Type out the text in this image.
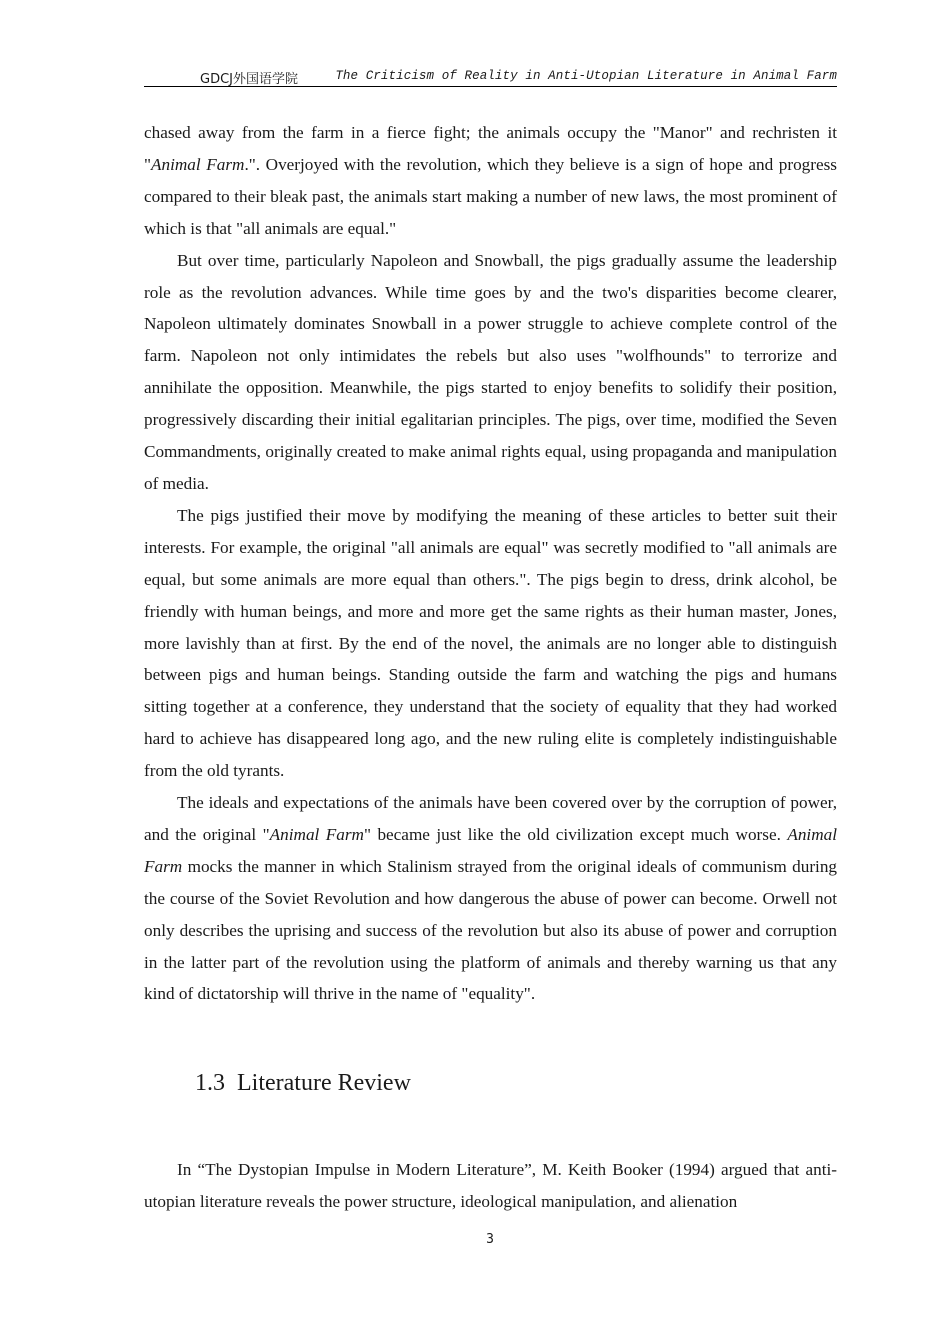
GDCJ外国语学院	The Criticism of Reality in Anti-Utopian Literature in Animal Farm

chased away from the farm in a fierce fight; the animals occupy the "Manor" and rechristen it "Animal Farm.". Overjoyed with the revolution, which they believe is a sign of hope and progress compared to their bleak past, the animals start making a number of new laws, the most prominent of which is that "all animals are equal."

But over time, particularly Napoleon and Snowball, the pigs gradually assume the leadership role as the revolution advances. While time goes by and the two's disparities become clearer, Napoleon ultimately dominates Snowball in a power struggle to achieve complete control of the farm. Napoleon not only intimidates the rebels but also uses "wolfhounds" to terrorize and annihilate the opposition. Meanwhile, the pigs started to enjoy benefits to solidify their position, progressively discarding their initial egalitarian principles. The pigs, over time, modified the Seven Commandments, originally created to make animal rights equal, using propaganda and manipulation of media.

The pigs justified their move by modifying the meaning of these articles to better suit their interests. For example, the original "all animals are equal" was secretly modified to "all animals are equal, but some animals are more equal than others.". The pigs begin to dress, drink alcohol, be friendly with human beings, and more and more get the same rights as their human master, Jones, more lavishly than at first. By the end of the novel, the animals are no longer able to distinguish between pigs and human beings. Standing outside the farm and watching the pigs and humans sitting together at a conference, they understand that the society of equality that they had worked hard to achieve has disappeared long ago, and the new ruling elite is completely indistinguishable from the old tyrants.

The ideals and expectations of the animals have been covered over by the corruption of power, and the original "Animal Farm" became just like the old civilization except much worse. Animal Farm mocks the manner in which Stalinism strayed from the original ideals of communism during the course of the Soviet Revolution and how dangerous the abuse of power can become. Orwell not only describes the uprising and success of the revolution but also its abuse of power and corruption in the latter part of the revolution using the platform of animals and thereby warning us that any kind of dictatorship will thrive in the name of "equality".

1.3 Literature Review

In “The Dystopian Impulse in Modern Literature”, M. Keith Booker (1994) argued that anti-utopian literature reveals the power structure, ideological manipulation, and alienation

3
